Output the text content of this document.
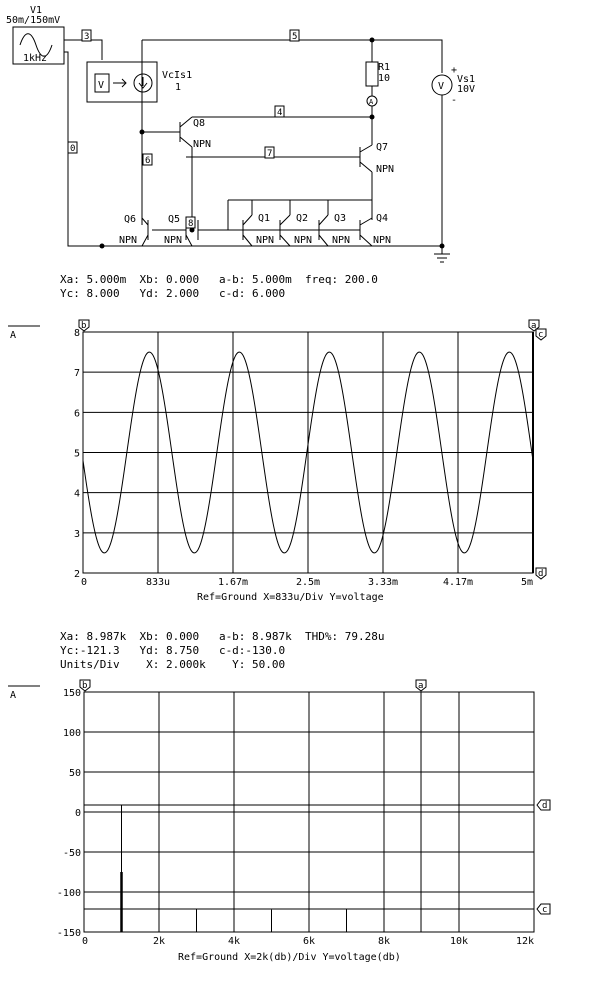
V1
50m/150mV
1kHz
V
VcIs1
1
R1
10
A
V
+
Vs1
10V
-
Q8
NPN	Q7
NPN
Q6
NPN
Q5
NPN
Q1
NPN
Q2
NPN
Q3
NPN
Q4
NPN
3	5
0
4
6
7
8
Xa: 5.000m  Xb: 0.000   a-b: 5.000m  freq: 200.0
Yc: 8.000   Yd: 2.000   c-d: 6.000
A
2
3
4
5
6
7
8
0	833u	1.67m	2.5m	3.33m	4.17m	5m
b	a
c
d
Ref=Ground X=833u/Div Y=voltage
Xa: 8.987k  Xb: 0.000   a-b: 8.987k  THD%: 79.28u
Yc:-121.3   Yd: 8.750   c-d:-130.0
Units/Div    X: 2.000k    Y: 50.00
A	150
100
50
0
-50
-100
-150
0	2k	4k	6k	8k	10k	12k
b	a
d
c
Ref=Ground X=2k(db)/Div Y=voltage(db)
